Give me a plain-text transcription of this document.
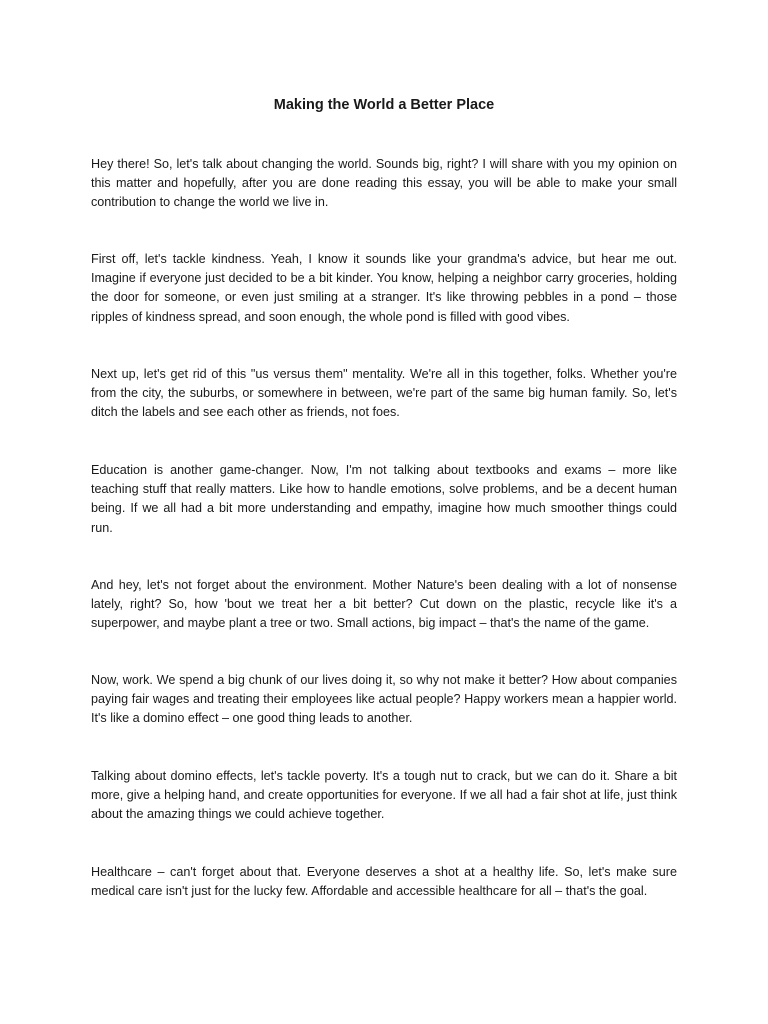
Making the World a Better Place

Hey there! So, let's talk about changing the world. Sounds big, right? I will share with you my opinion on this matter and hopefully, after you are done reading this essay, you will be able to make your small contribution to change the world we live in.

First off, let's tackle kindness. Yeah, I know it sounds like your grandma's advice, but hear me out. Imagine if everyone just decided to be a bit kinder. You know, helping a neighbor carry groceries, holding the door for someone, or even just smiling at a stranger. It's like throwing pebbles in a pond – those ripples of kindness spread, and soon enough, the whole pond is filled with good vibes.

Next up, let's get rid of this "us versus them" mentality. We're all in this together, folks. Whether you're from the city, the suburbs, or somewhere in between, we're part of the same big human family. So, let's ditch the labels and see each other as friends, not foes.

Education is another game-changer. Now, I'm not talking about textbooks and exams – more like teaching stuff that really matters. Like how to handle emotions, solve problems, and be a decent human being. If we all had a bit more understanding and empathy, imagine how much smoother things could run.

And hey, let's not forget about the environment. Mother Nature's been dealing with a lot of nonsense lately, right? So, how 'bout we treat her a bit better? Cut down on the plastic, recycle like it's a superpower, and maybe plant a tree or two. Small actions, big impact – that's the name of the game.

Now, work. We spend a big chunk of our lives doing it, so why not make it better? How about companies paying fair wages and treating their employees like actual people? Happy workers mean a happier world. It's like a domino effect – one good thing leads to another.

Talking about domino effects, let's tackle poverty. It's a tough nut to crack, but we can do it. Share a bit more, give a helping hand, and create opportunities for everyone. If we all had a fair shot at life, just think about the amazing things we could achieve together.

Healthcare – can't forget about that. Everyone deserves a shot at a healthy life. So, let's make sure medical care isn't just for the lucky few. Affordable and accessible healthcare for all – that's the goal.
